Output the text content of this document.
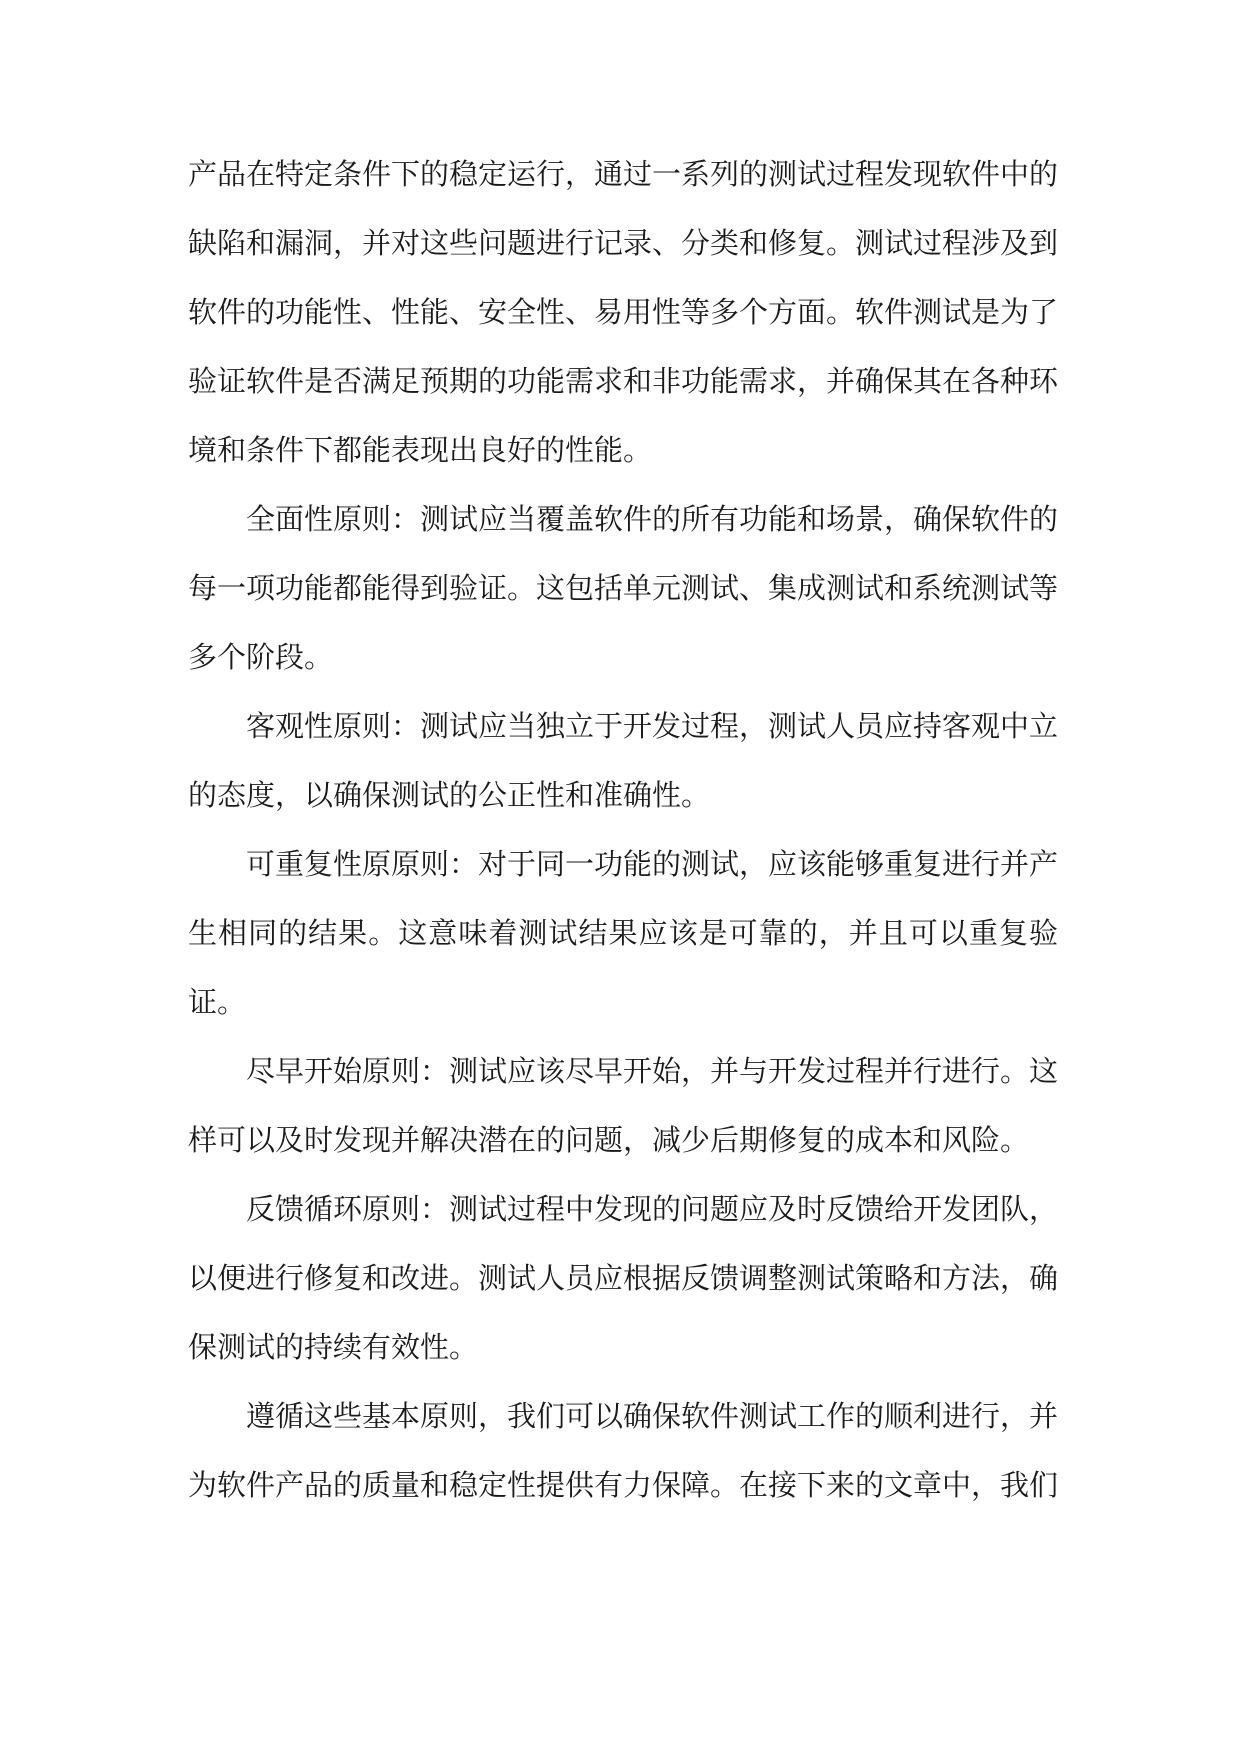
产品在特定条件下的稳定运行，通过一系列的测试过程发现软件中的缺陷和漏洞，并对这些问题进行记录、分类和修复。测试过程涉及到软件的功能性、性能、安全性、易用性等多个方面。软件测试是为了验证软件是否满足预期的功能需求和非功能需求，并确保其在各种环境和条件下都能表现出良好的性能。

全面性原则：测试应当覆盖软件的所有功能和场景，确保软件的每一项功能都能得到验证。这包括单元测试、集成测试和系统测试等多个阶段。

客观性原则：测试应当独立于开发过程，测试人员应持客观中立的态度，以确保测试的公正性和准确性。

可重复性原原则：对于同一功能的测试，应该能够重复进行并产生相同的结果。这意味着测试结果应该是可靠的，并且可以重复验证。

尽早开始原则：测试应该尽早开始，并与开发过程并行进行。这样可以及时发现并解决潜在的问题，减少后期修复的成本和风险。

反馈循环原则：测试过程中发现的问题应及时反馈给开发团队，以便进行修复和改进。测试人员应根据反馈调整测试策略和方法，确保测试的持续有效性。

遵循这些基本原则，我们可以确保软件测试工作的顺利进行，并为软件产品的质量和稳定性提供有力保障。在接下来的文章中，我们
